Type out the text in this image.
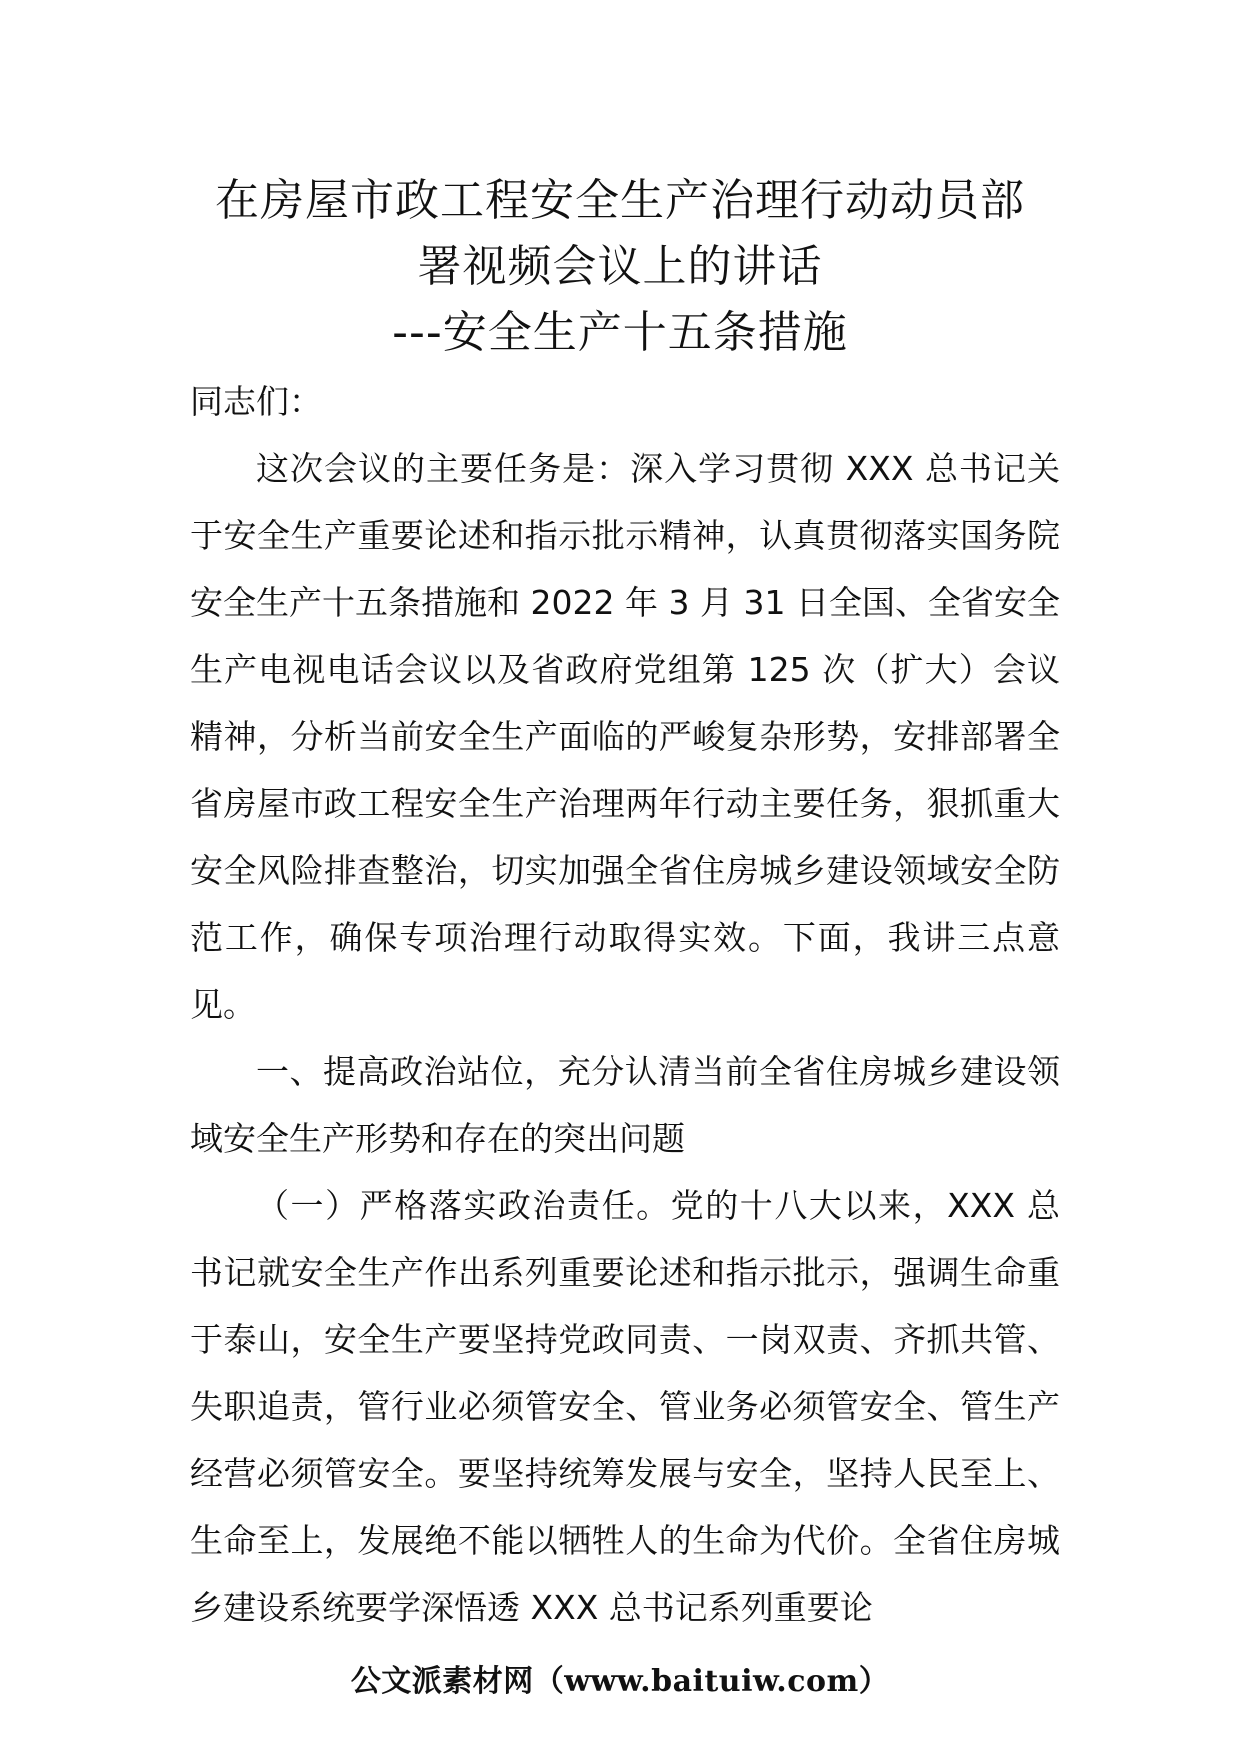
在房屋市政工程安全生产治理行动动员部
署视频会议上的讲话
---安全生产十五条措施

同志们：

这次会议的主要任务是：深入学习贯彻 XXX 总书记关于安全生产重要论述和指示批示精神，认真贯彻落实国务院安全生产十五条措施和 2022 年 3 月 31 日全国、全省安全生产电视电话会议以及省政府党组第 125 次（扩大）会议精神，分析当前安全生产面临的严峻复杂形势，安排部署全省房屋市政工程安全生产治理两年行动主要任务，狠抓重大安全风险排查整治，切实加强全省住房城乡建设领域安全防范工作，确保专项治理行动取得实效。下面，我讲三点意见。

一、提高政治站位，充分认清当前全省住房城乡建设领域安全生产形势和存在的突出问题

（一）严格落实政治责任。党的十八大以来，XXX 总书记就安全生产作出系列重要论述和指示批示，强调生命重于泰山，安全生产要坚持党政同责、一岗双责、齐抓共管、失职追责，管行业必须管安全、管业务必须管安全、管生产经营必须管安全。要坚持统筹发展与安全，坚持人民至上、生命至上，发展绝不能以牺牲人的生命为代价。全省住房城乡建设系统要学深悟透 XXX 总书记系列重要论

公文派素材网（www.baituiw.com）
